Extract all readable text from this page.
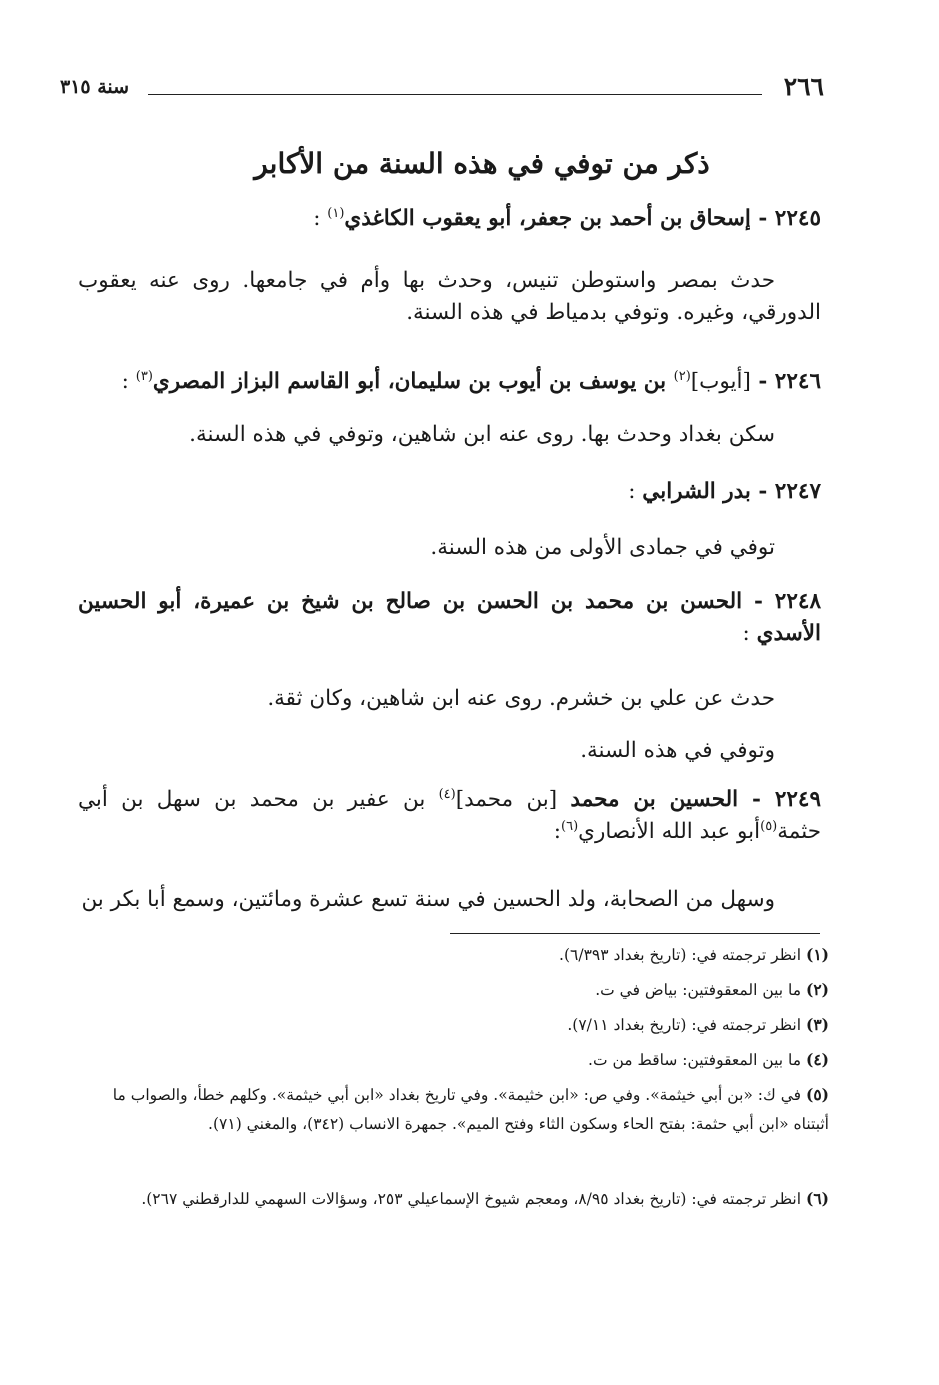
٢٦٦
سنة ٣١٥
ذكر من توفي في هذه السنة من الأكابر
٢٢٤٥ - إسحاق بن أحمد بن جعفر، أبو يعقوب الكاغذي$^{(١)}$ :
حدث بمصر واستوطن تنيس، وحدث بها وأم في جامعها. روى عنه يعقوب الدورقي، وغيره. وتوفي بدمياط في هذه السنة.
٢٢٤٦ - [أيوب]$^{(٢)}$ بن يوسف بن أيوب بن سليمان، أبو القاسم البزاز المصري$^{(٣)}$ :
سكن بغداد وحدث بها. روى عنه ابن شاهين، وتوفي في هذه السنة.
٢٢٤٧ - بدر الشرابي :
توفي في جمادى الأولى من هذه السنة.
٢٢٤٨ - الحسن بن محمد بن الحسن بن صالح بن شيخ بن عميرة، أبو الحسين الأسدي :
حدث عن علي بن خشرم. روى عنه ابن شاهين، وكان ثقة.
وتوفي في هذه السنة.
٢٢٤٩ - الحسين بن محمد [بن محمد]$^{(٤)}$ بن عفير بن محمد بن سهل بن أبي حثمة$^{(٥)}$أبو عبد الله الأنصاري$^{(٦)}$:
وسهل من الصحابة، ولد الحسين في سنة تسع عشرة ومائتين، وسمع أبا بكر بن
(١) انظر ترجمته في: (تاريخ بغداد ٦/٣٩٣).
(٢) ما بين المعقوفتين: بياض في ت.
(٣) انظر ترجمته في: (تاريخ بغداد ٧/١١).
(٤) ما بين المعقوفتين: ساقط من ت.
(٥) في ك: «بن أبي خيثمة». وفي ص: «ابن خثيمة». وفي تاريخ بغداد «ابن أبي خيثمة». وكلهم خطأ، والصواب ما أثبتناه «ابن أبي حثمة: بفتح الحاء وسكون الثاء وفتح الميم». جمهرة الانساب (٣٤٢)، والمغني (٧١).
(٦) انظر ترجمته في: (تاريخ بغداد ٨/٩٥، ومعجم شيوخ الإسماعيلي ٢٥٣، وسؤالات السهمي للدارقطني ٢٦٧).
